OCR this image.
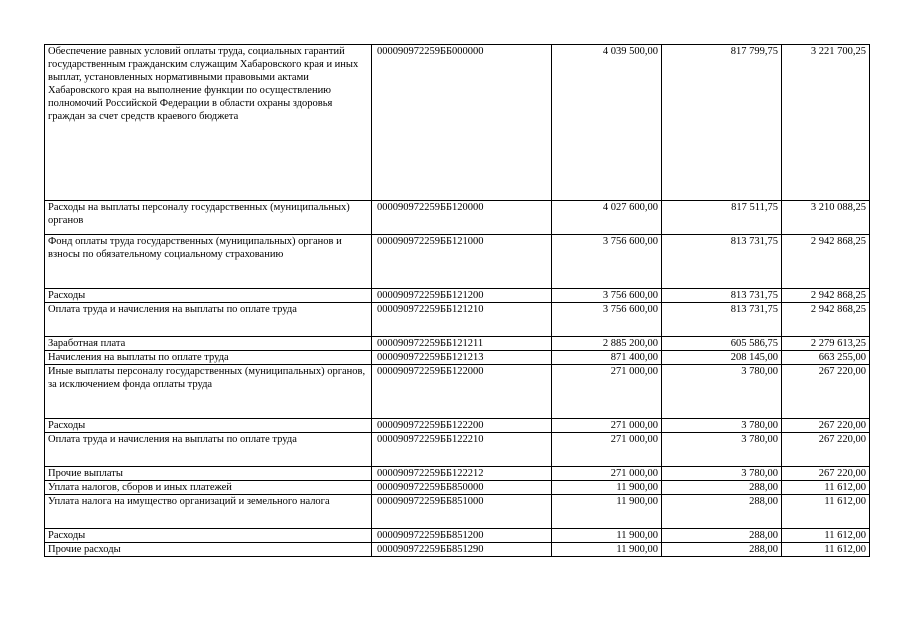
Обеспечение равных условий оплаты труда, социальных гарантий государственным гражданским служащим Хабаровского края и иных выплат, установленных нормативными правовыми актами Хабаровского края на выполнение функции по осуществлению полномочий Российской Федерации в области охраны здоровья граждан за счет средств краевого бюджета	000090972259ББ000000	4 039 500,00	817 799,75	3 221 700,25
Расходы на выплаты персоналу государственных (муниципальных) органов	000090972259ББ120000	4 027 600,00	817 511,75	3 210 088,25
Фонд оплаты труда государственных (муниципальных) органов и взносы по обязательному социальному страхованию	000090972259ББ121000	3 756 600,00	813 731,75	2 942 868,25
Расходы	000090972259ББ121200	3 756 600,00	813 731,75	2 942 868,25
Оплата труда и начисления на выплаты по оплате труда	000090972259ББ121210	3 756 600,00	813 731,75	2 942 868,25
Заработная плата	000090972259ББ121211	2 885 200,00	605 586,75	2 279 613,25
Начисления на выплаты по оплате труда	000090972259ББ121213	871 400,00	208 145,00	663 255,00
Иные выплаты персоналу государственных (муниципальных) органов, за исключением фонда оплаты труда	000090972259ББ122000	271 000,00	3 780,00	267 220,00
Расходы	000090972259ББ122200	271 000,00	3 780,00	267 220,00
Оплата труда и начисления на выплаты по оплате труда	000090972259ББ122210	271 000,00	3 780,00	267 220,00
Прочие выплаты	000090972259ББ122212	271 000,00	3 780,00	267 220,00
Уплата налогов, сборов и иных платежей	000090972259ББ850000	11 900,00	288,00	11 612,00
Уплата налога на имущество организаций и земельного налога	000090972259ББ851000	11 900,00	288,00	11 612,00
Расходы	000090972259ББ851200	11 900,00	288,00	11 612,00
Прочие расходы	000090972259ББ851290	11 900,00	288,00	11 612,00
